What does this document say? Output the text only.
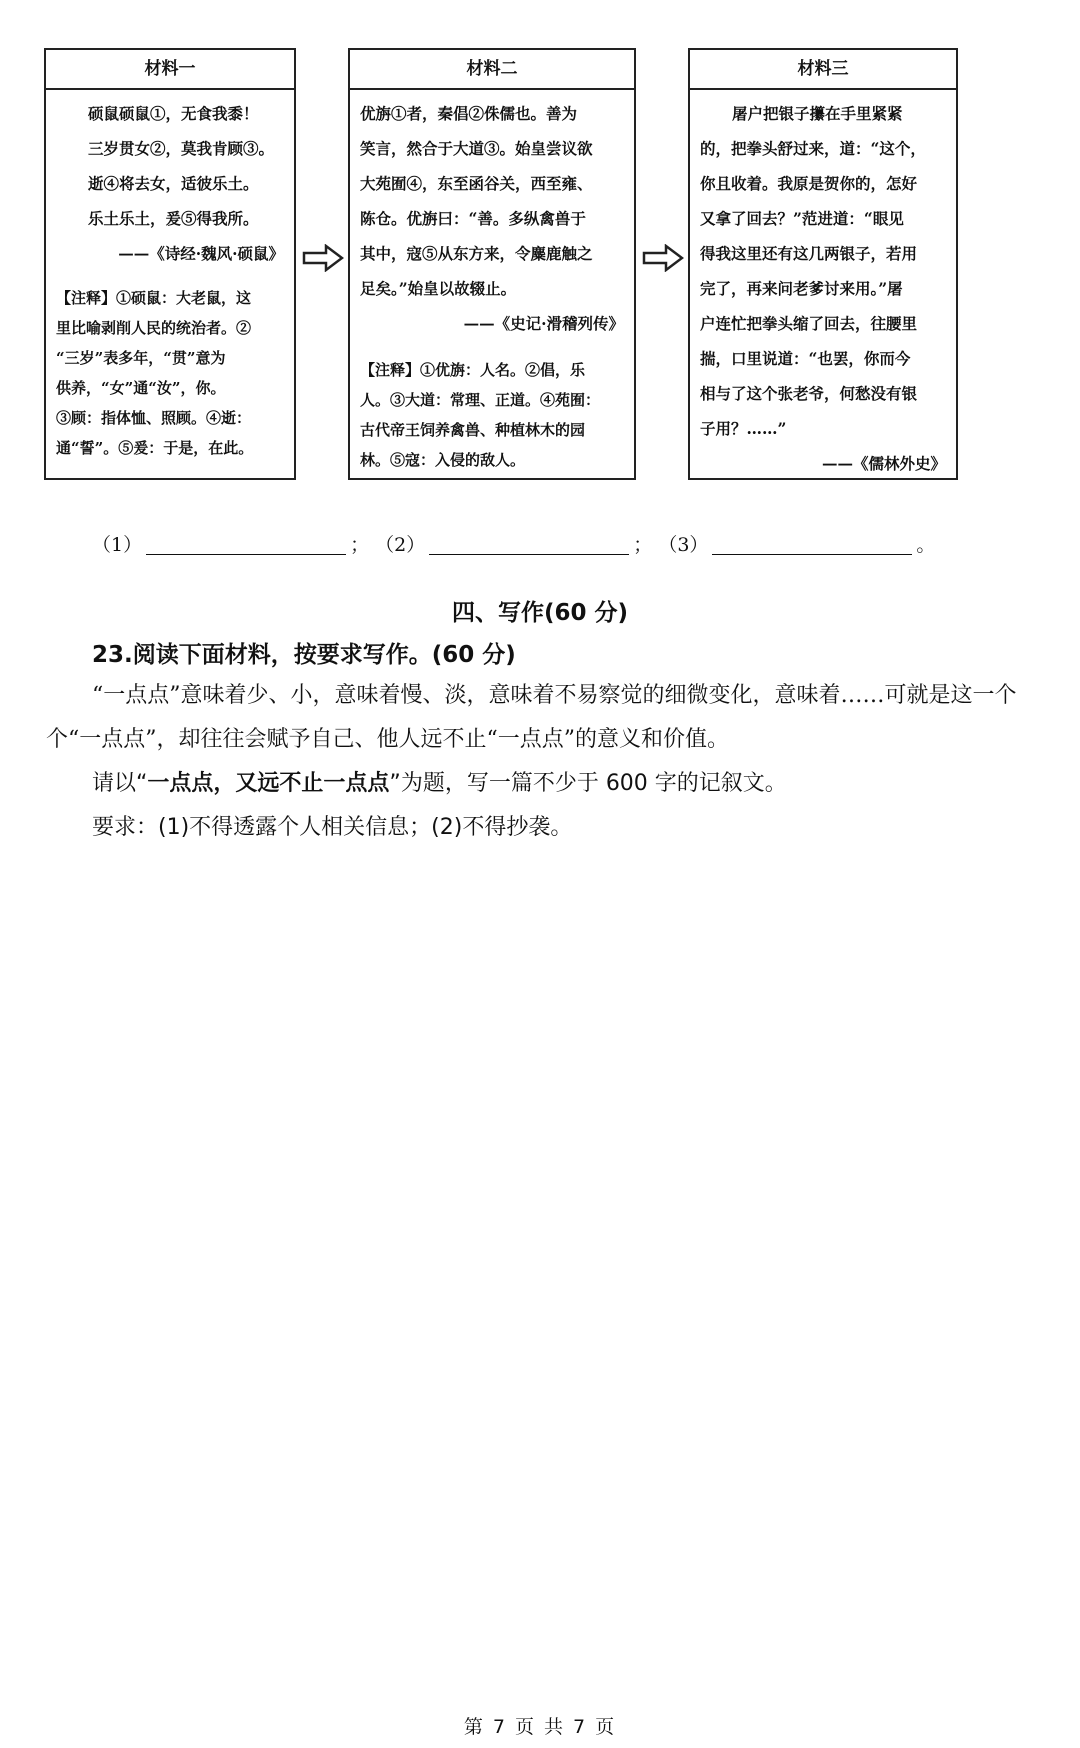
材料一
硕鼠硕鼠①，无食我黍！
三岁贯女②，莫我肯顾③。
逝④将去女，适彼乐土。
乐土乐土，爰⑤得我所。
——《诗经·魏风·硕鼠》
【注释】①硕鼠：大老鼠，这
里比喻剥削人民的统治者。②
“三岁”表多年，“贯”意为
供养，“女”通“汝”，你。
③顾：指体恤、照顾。④逝：
通“誓”。⑤爰：于是，在此。
材料二
优旃①者，秦倡②侏儒也。善为
笑言，然合于大道③。始皇尝议欲
大苑囿④，东至函谷关，西至雍、
陈仓。优旃曰：“善。多纵禽兽于
其中，寇⑤从东方来，令麋鹿触之
足矣。”始皇以故辍止。
——《史记·滑稽列传》
【注释】①优旃：人名。②倡，乐
人。③大道：常理、正道。④苑囿：
古代帝王饲养禽兽、种植林木的园
林。⑤寇：入侵的敌人。
材料三
屠户把银子攥在手里紧紧
的，把拳头舒过来，道：“这个，
你且收着。我原是贺你的，怎好
又拿了回去？”范进道：“眼见
得我这里还有这几两银子，若用
完了，再来问老爹讨来用。”屠
户连忙把拳头缩了回去，往腰里
揣，口里说道：“也罢，你而今
相与了这个张老爷，何愁没有银
子用？……”
——《儒林外史》
（1）	； （2）	； （3）	。
四、写作(60 分)
23.阅读下面材料，按要求写作。(60 分)
“一点点”意味着少、小，意味着慢、淡，意味着不易察觉的细微变化，意味着……可就是这一个个“一点点”，却往往会赋予自己、他人远不止“一点点”的意义和价值。
请以“一点点，又远不止一点点”为题，写一篇不少于 600 字的记叙文。
要求：(1)不得透露个人相关信息；(2)不得抄袭。
第 7 页 共 7 页
